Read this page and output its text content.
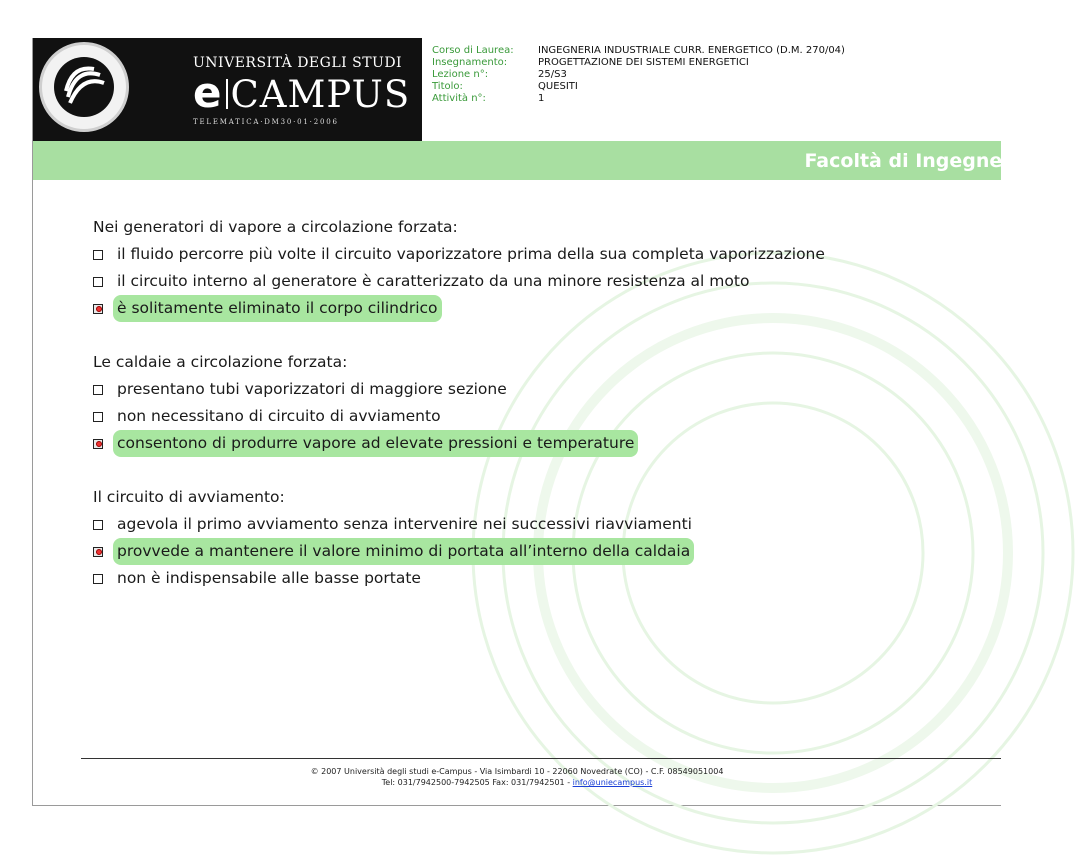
UNIVERSITÀ DEGLI STUDI
e CAMPUS
TELEMATICA·DM30·01·2006
Corso di Laurea:	INGEGNERIA INDUSTRIALE CURR. ENERGETICO (D.M. 270/04)
Insegnamento:	PROGETTAZIONE DEI SISTEMI ENERGETICI
Lezione n°:	25/S3
Titolo:	QUESITI
Attività n°:	1
Facoltà di Ingegneria
Nei generatori di vapore a circolazione forzata:
il fluido percorre più volte il circuito vaporizzatore prima della sua completa vaporizzazione
il circuito interno al generatore è caratterizzato da una minore resistenza al moto
è solitamente eliminato il corpo cilindrico
Le caldaie a circolazione forzata:
presentano tubi vaporizzatori di maggiore sezione
non necessitano di circuito di avviamento
consentono di produrre vapore ad elevate pressioni e temperature
Il circuito di avviamento:
agevola il primo avviamento senza intervenire nei successivi riavviamenti
provvede a mantenere il valore minimo di portata all’interno della caldaia
non è indispensabile alle basse portate
© 2007 Università degli studi e-Campus - Via Isimbardi 10 - 22060 Novedrate (CO) - C.F. 08549051004
Tel: 031/7942500-7942505 Fax: 031/7942501 - info@uniecampus.it
